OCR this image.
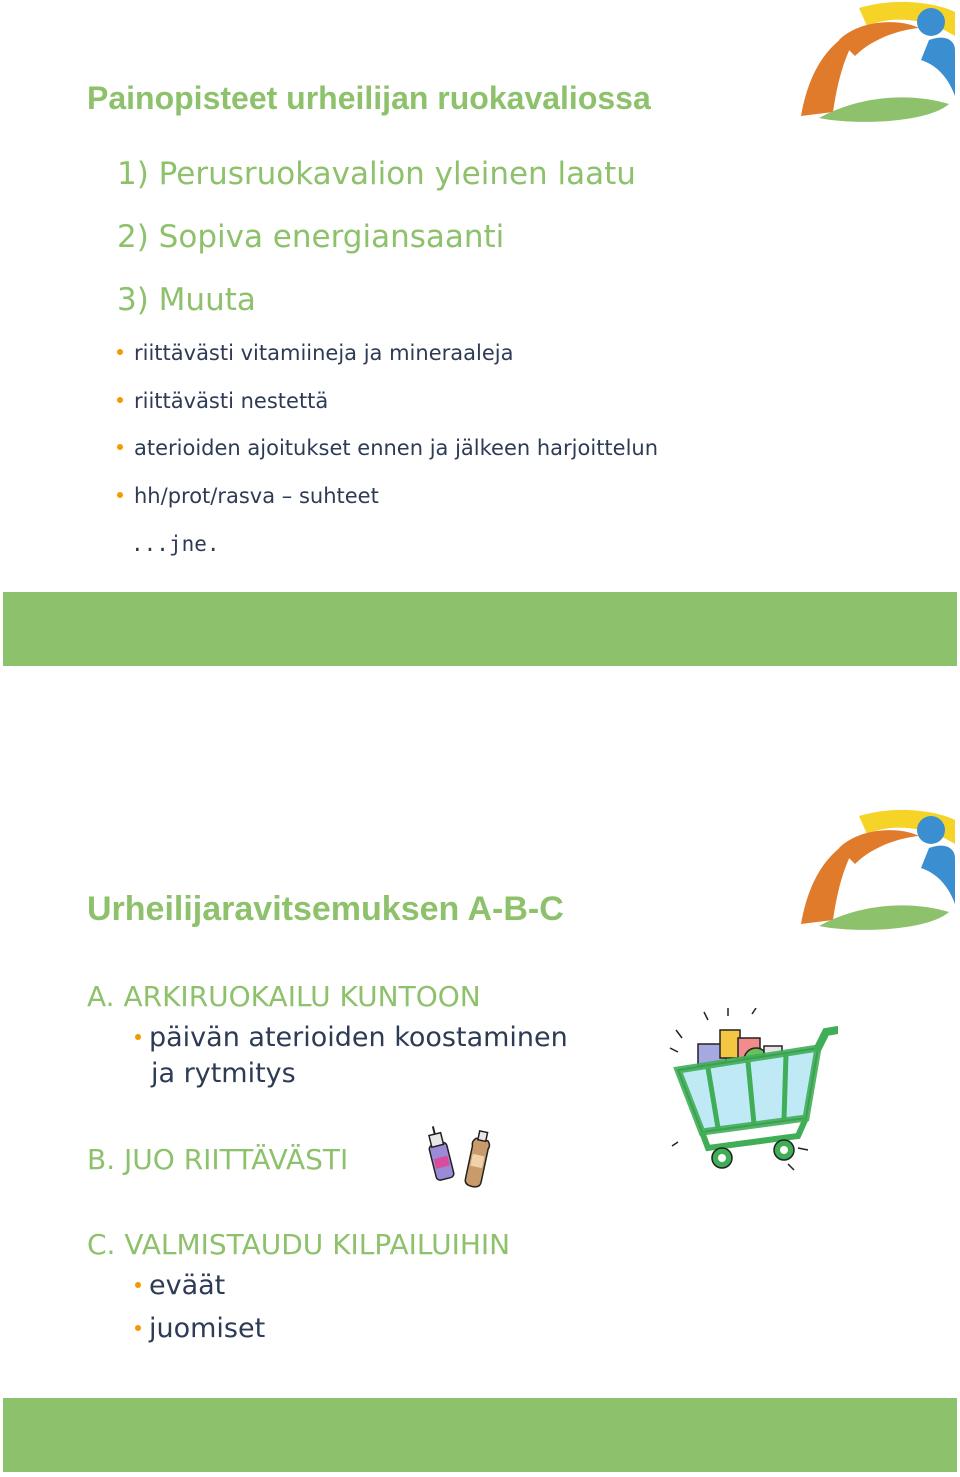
Painopisteet urheilijan ruokavaliossa
1) Perusruokavalion yleinen laatu
2) Sopiva energiansaanti
3) Muuta
riittävästi vitamiineja ja mineraaleja
riittävästi nestettä
aterioiden ajoitukset ennen ja jälkeen harjoittelun
hh/prot/rasva – suhteet
...jne.
Urheilijaravitsemuksen A-B-C
A. ARKIRUOKAILU KUNTOON
päivän aterioiden koostaminen
ja rytmitys
B. JUO RIITTÄVÄSTI
C. VALMISTAUDU KILPAILUIHIN
eväät
juomiset
